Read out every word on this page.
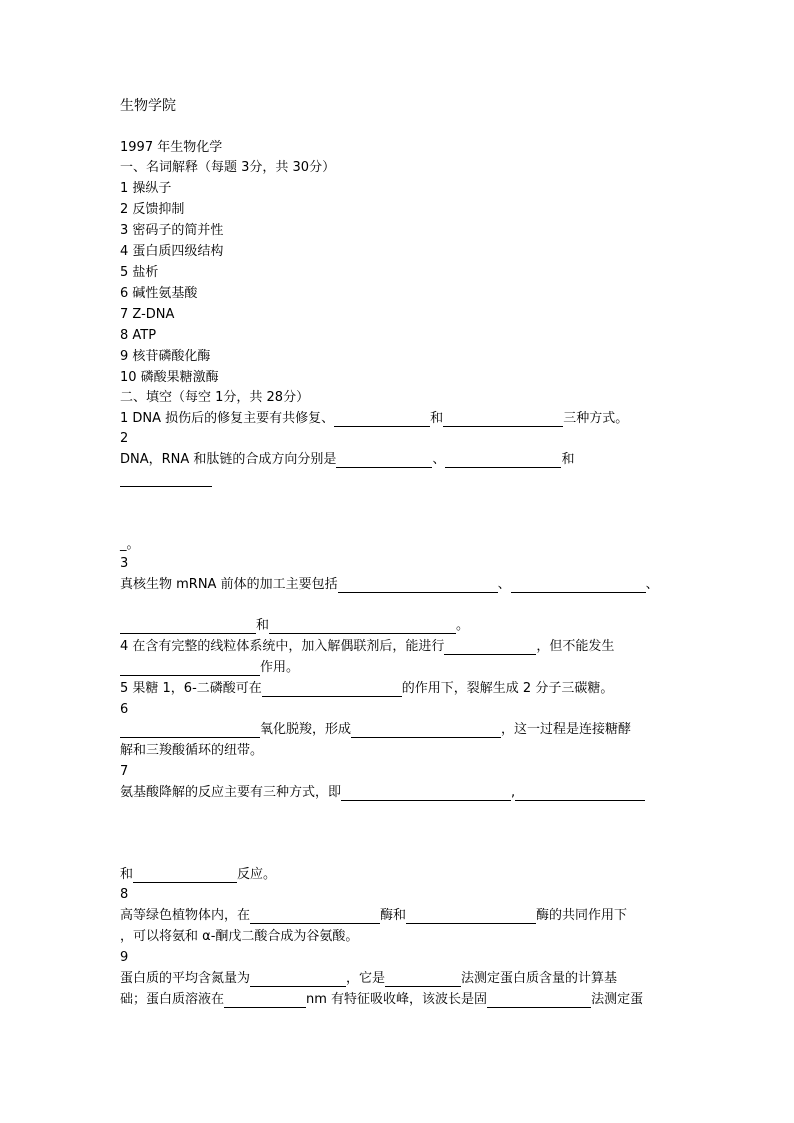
生物学院
1997 年生物化学
一、名词解释（每题 3分，共 30分）
1 操纵子
2 反馈抑制
3 密码子的简并性
4 蛋白质四级结构
5 盐析
6 碱性氨基酸
7 Z-DNA
8 ATP
9 核苷磷酸化酶
10 磷酸果糖激酶
二、填空（每空 1分，共 28分）
1 DNA 损伤后的修复主要有共修复、	和	三种方式。
2
DNA，RNA 和肽链的合成方向分别是	、	和
_。
3
真核生物 mRNA 前体的加工主要包括	、	、
和	。
4 在含有完整的线粒体系统中，加入解偶联剂后，能进行	，但不能发生
作用。
5 果糖 1，6-二磷酸可在	的作用下，裂解生成 2 分子三碳糖。
6
氧化脱羧，形成	，这一过程是连接糖酵
解和三羧酸循环的纽带。
7
氨基酸降解的反应主要有三种方式，即	,
和	反应。
8
高等绿色植物体内，在	酶和	酶的共同作用下
，可以将氨和 α-酮戊二酸合成为谷氨酸。
9
蛋白质的平均含氮量为	，它是	法测定蛋白质含量的计算基
础；蛋白质溶液在	nm 有特征吸收峰，该波长是固	法测定蛋
